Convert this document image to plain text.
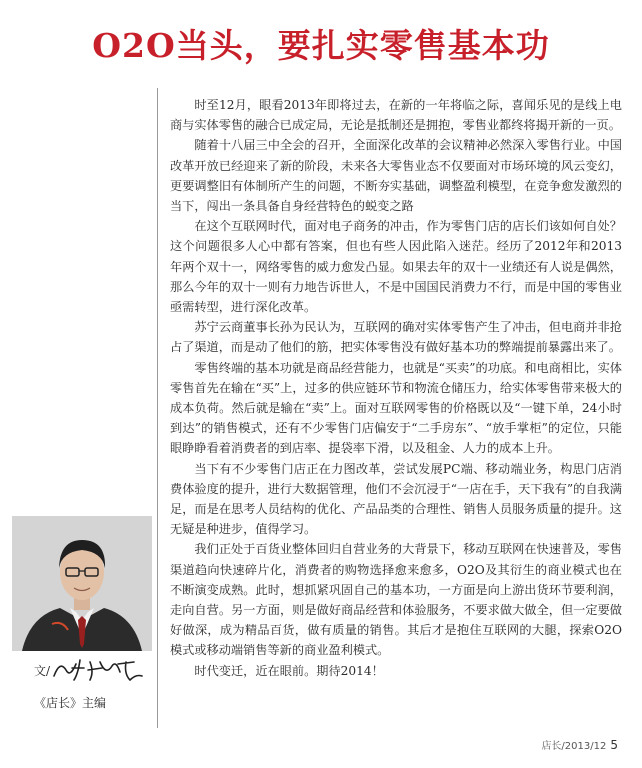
O2O当头，要扎实零售基本功

时至12月，眼看2013年即将过去，在新的一年将临之际，喜闻乐见的是线上电商与实体零售的融合已成定局，无论是抵制还是拥抱，零售业都终将揭开新的一页。

随着十八届三中全会的召开，全面深化改革的会议精神必然深入零售行业。中国改革开放已经迎来了新的阶段，未来各大零售业态不仅要面对市场环境的风云变幻，更要调整旧有体制所产生的问题，不断夯实基础，调整盈利模型，在竞争愈发激烈的当下，闯出一条具备自身经营特色的蜕变之路

在这个互联网时代，面对电子商务的冲击，作为零售门店的店长们该如何自处？这个问题很多人心中都有答案，但也有些人因此陷入迷茫。经历了2012年和2013年两个双十一，网络零售的威力愈发凸显。如果去年的双十一业绩还有人说是偶然，那么今年的双十一则有力地告诉世人，不是中国国民消费力不行，而是中国的零售业亟需转型，进行深化改革。

苏宁云商董事长孙为民认为，互联网的确对实体零售产生了冲击，但电商并非抢占了渠道，而是动了他们的筋，把实体零售没有做好基本功的弊端提前暴露出来了。

零售终端的基本功就是商品经营能力，也就是“买卖”的功底。和电商相比，实体零售首先在输在“买”上，过多的供应链环节和物流仓储压力，给实体零售带来极大的成本负荷。然后就是输在“卖”上。面对互联网零售的价格既以及“一键下单，24小时到达”的销售模式，还有不少零售门店偏安于“二手房东”、“放手掌柜”的定位，只能眼睁睁看着消费者的到店率、提袋率下滑，以及租金、人力的成本上升。

当下有不少零售门店正在力图改革，尝试发展PC端、移动端业务，构思门店消费体验度的提升，进行大数据管理，他们不会沉浸于“一店在手，天下我有”的自我满足，而是在思考人员结构的优化、产品品类的合理性、销售人员服务质量的提升。这无疑是种进步，值得学习。

我们正处于百货业整体回归自营业务的大背景下，移动互联网在快速普及，零售渠道趋向快速碎片化，消费者的购物选择愈来愈多，O2O及其衍生的商业模式也在不断演变成熟。此时，想抓紧巩固自己的基本功，一方面是向上游出货环节要利润，走向自营。另一方面，则是做好商品经营和体验服务，不要求做大做全，但一定要做好做深，成为精品百货，做有质量的销售。其后才是抱住互联网的大腿，探索O2O模式或移动端销售等新的商业盈利模式。

时代变迁，近在眼前。期待2014！

文/
《店长》主编
店长/2013/12 5
